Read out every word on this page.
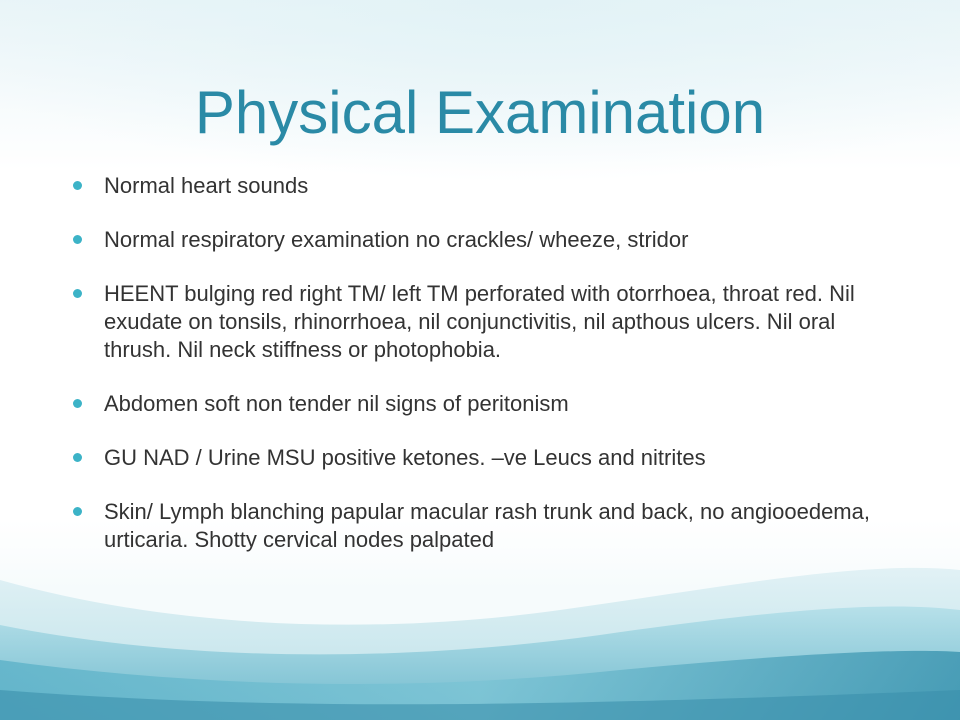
Physical Examination
Normal heart sounds
Normal respiratory examination no crackles/ wheeze, stridor
HEENT bulging red right TM/ left TM perforated with otorrhoea, throat red. Nil exudate on tonsils, rhinorrhoea, nil conjunctivitis, nil apthous ulcers. Nil oral thrush. Nil neck stiffness or photophobia.
Abdomen soft non tender nil signs of peritonism
GU NAD / Urine MSU positive ketones. –ve Leucs and nitrites
Skin/ Lymph blanching papular macular rash trunk and back, no angiooedema, urticaria. Shotty cervical nodes palpated
